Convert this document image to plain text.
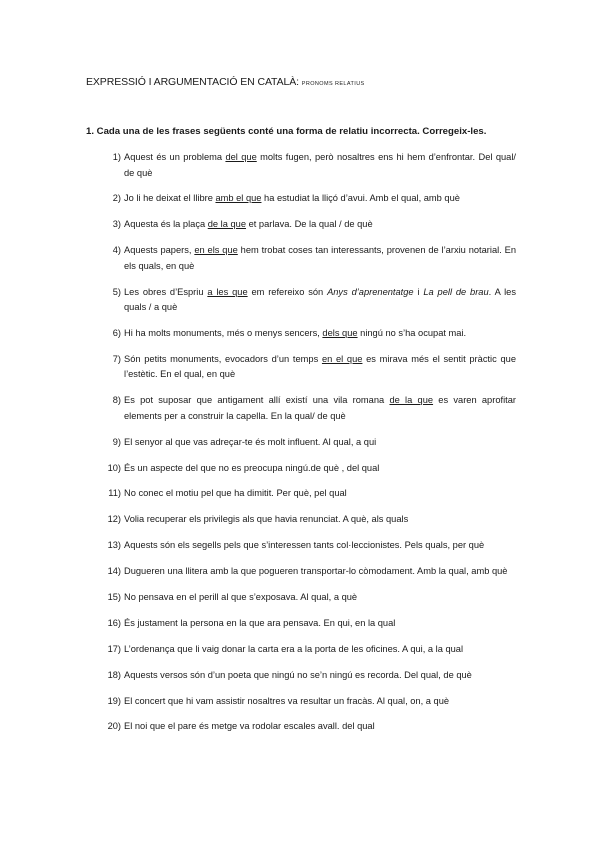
EXPRESSIÓ I ARGUMENTACIÓ EN CATALÀ: PRONOMS RELATIUS
1. Cada una de les frases següents conté una forma de relatiu incorrecta. Corregeix-les.
1) Aquest és un problema del que molts fugen, però nosaltres ens hi hem d’enfrontar. Del qual/ de què
2) Jo li he deixat el llibre amb el que ha estudiat la lliçó d’avui. Amb el qual, amb què
3) Aquesta és la plaça de la que et parlava. De la qual / de què
4) Aquests papers, en els que hem trobat coses tan interessants, provenen de l’arxiu notarial. En els quals, en què
5) Les obres d’Espriu a les que em refereixo són Anys d’aprenentatge i La pell de brau. A les quals / a què
6) Hi ha molts monuments, més o menys sencers, dels que ningú no s’ha ocupat mai.
7) Són petits monuments, evocadors d’un temps en el que es mirava més el sentit pràctic que l’estètic. En el qual, en què
8) Es pot suposar que antigament allí existí una vila romana de la que es varen aprofitar elements per a construir la capella. En la qual/ de què
9) El senyor al que vas adreçar-te és molt influent. Al qual, a qui
10) És un aspecte del que no es preocupa ningú.de què , del qual
11) No conec el motiu pel que ha dimitit. Per què, pel qual
12) Volia recuperar els privilegis als que havia renunciat. A què, als quals
13) Aquests són els segells pels que s’interessen tants col·leccionistes. Pels quals, per què
14) Dugueren una llitera amb la que pogueren transportar-lo còmodament. Amb la qual, amb què
15) No pensava en el perill al que s’exposava. Al qual, a què
16) És justament la persona en la que ara pensava. En qui, en la qual
17) L’ordenança que li vaig donar la carta era a la porta de les oficines. A qui, a la qual
18) Aquests versos són d’un poeta que ningú no se’n ningú es recorda. Del qual, de què
19) El concert que hi vam assistir nosaltres va resultar un fracàs. Al qual, on, a què
20) El noi que el pare és metge va rodolar escales avall. del qual
